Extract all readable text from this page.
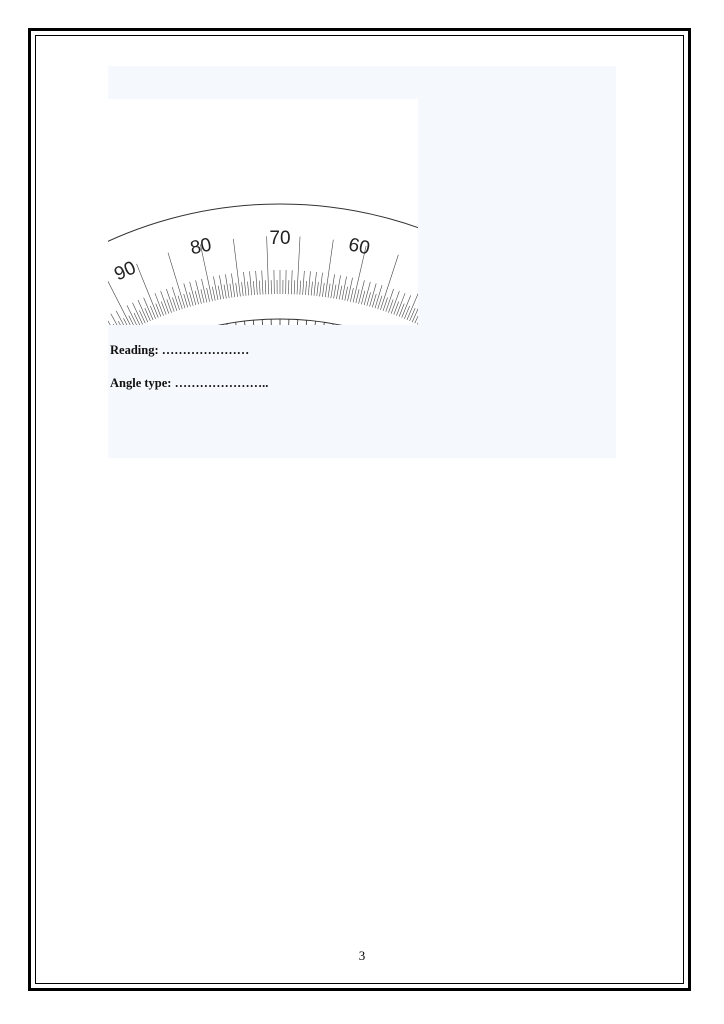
90
80	70	60
Reading: …………………
Angle type: …………………..
3
